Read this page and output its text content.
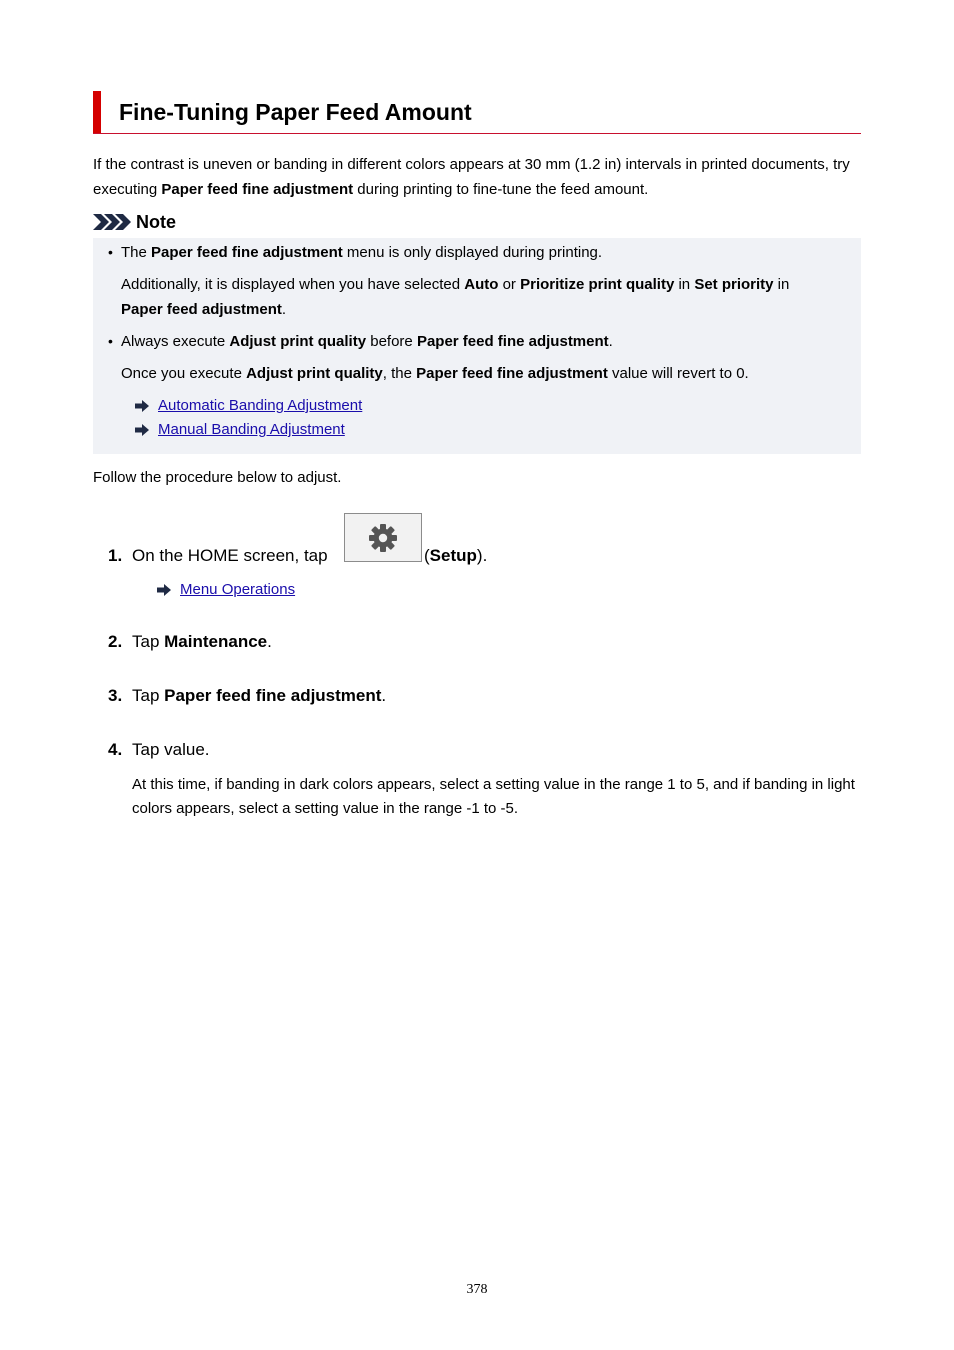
Fine-Tuning Paper Feed Amount

If the contrast is uneven or banding in different colors appears at 30 mm (1.2 in) intervals in printed documents, try executing Paper feed fine adjustment during printing to fine-tune the feed amount.

Note
• The Paper feed fine adjustment menu is only displayed during printing.
Additionally, it is displayed when you have selected Auto or Prioritize print quality in Set priority in
Paper feed adjustment.
• Always execute Adjust print quality before Paper feed fine adjustment.
Once you execute Adjust print quality, the Paper feed fine adjustment value will revert to 0.
Automatic Banding Adjustment
Manual Banding Adjustment
Follow the procedure below to adjust.
1. On the HOME screen, tap	(Setup).
Menu Operations
2. Tap Maintenance.
3. Tap Paper feed fine adjustment.
4. Tap value.
At this time, if banding in dark colors appears, select a setting value in the range 1 to 5, and if banding in light colors appears, select a setting value in the range -1 to -5.
378
